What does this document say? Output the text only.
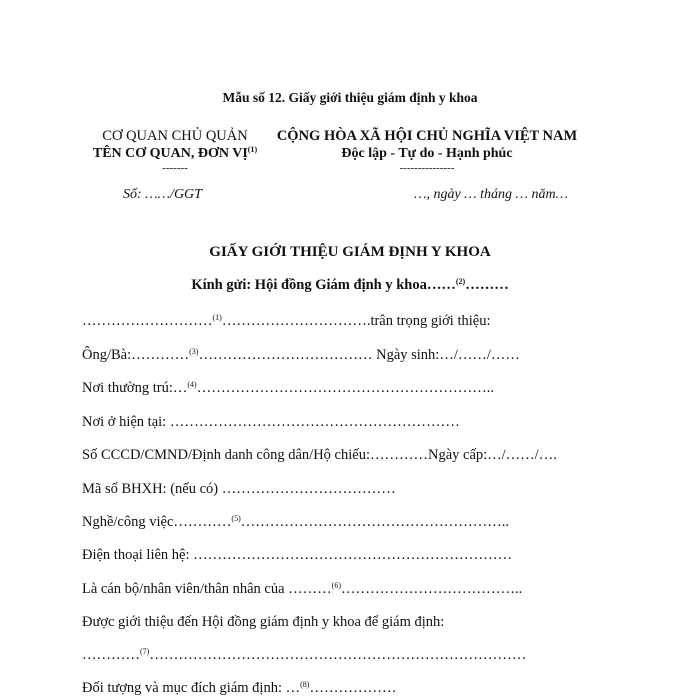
Mẫu số 12. Giấy giới thiệu giám định y khoa
CƠ QUAN CHỦ QUẢN
TÊN CƠ QUAN, ĐƠN VỊ$^{(1)}$
-------
CỘNG HÒA XÃ HỘI CHỦ NGHĨA VIỆT NAM
Độc lập - Tự do - Hạnh phúc
---------------
Số: ……/GGT	…, ngày … tháng … năm…
GIẤY GIỚI THIỆU GIÁM ĐỊNH Y KHOA
Kính gửi: Hội đồng Giám định y khoa……$^{(2)}$………
………………………$^{(1)}$………………………….trân trọng giới thiệu:
Ông/Bà:…………$^{(3)}$……………………………… Ngày sinh:…/……/……
Nơi thường trú:…$^{(4)}$……………………………………………………..
Nơi ở hiện tại: ……………………………………………………
Số CCCD/CMND/Định danh công dân/Hộ chiếu:…………Ngày cấp:…/……/….
Mã số BHXH: (nếu có) ………………………………
Nghề/công việc…………$^{(5)}$………………………………………………..
Điện thoại liên hệ: …………………………………………………………
Là cán bộ/nhân viên/thân nhân của ………$^{(6)}$………………………………..
Được giới thiệu đến Hội đồng giám định y khoa để giám định:
…………$^{(7)}$……………………………………………………………………
Đối tượng và mục đích giám định: …$^{(8)}$………………
